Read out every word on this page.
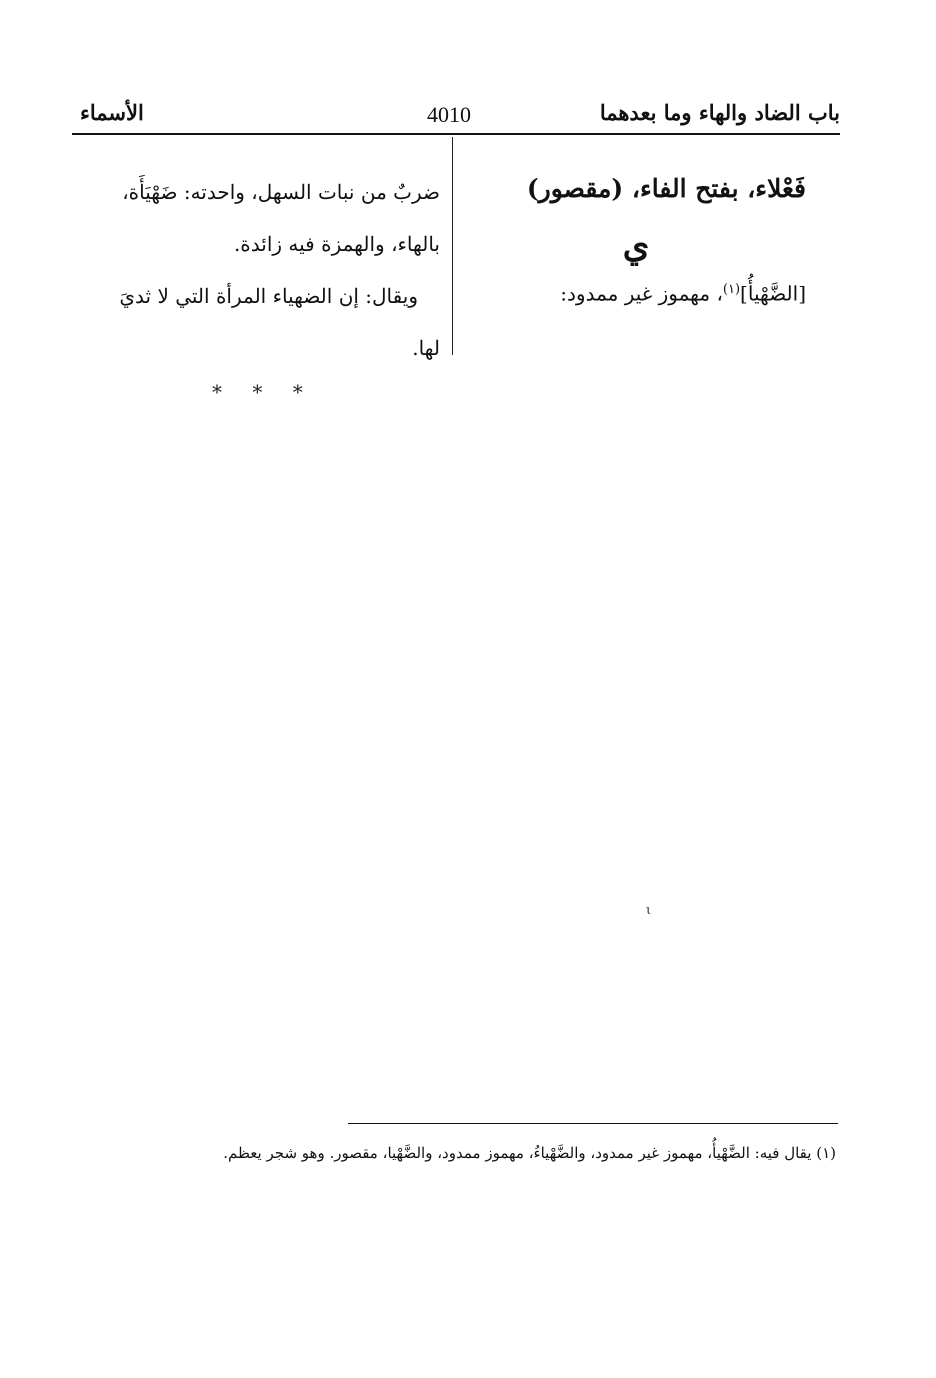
باب الضاد والهاء وما بعدهما
4010
الأسماء

فَعْلاء، بفتح الفاء، (مقصور)

ي
[الضَّهْيأُ]$^{(١)}$، مهموز غير ممدود:

ضربٌ من نبات السهل، واحدته: ضَهْيَأَة،

بالهاء، والهمزة فيه زائدة.

ويقال: إن الضهياء المرأة التي لا ثديَ

لها.

* * *
ι
(١) يقال فيه: الضَّهْيأُ، مهموز غير ممدود، والضَّهْياءُ، مهموز ممدود، والضَّهْيا، مقصور. وهو شجر يعظم.
